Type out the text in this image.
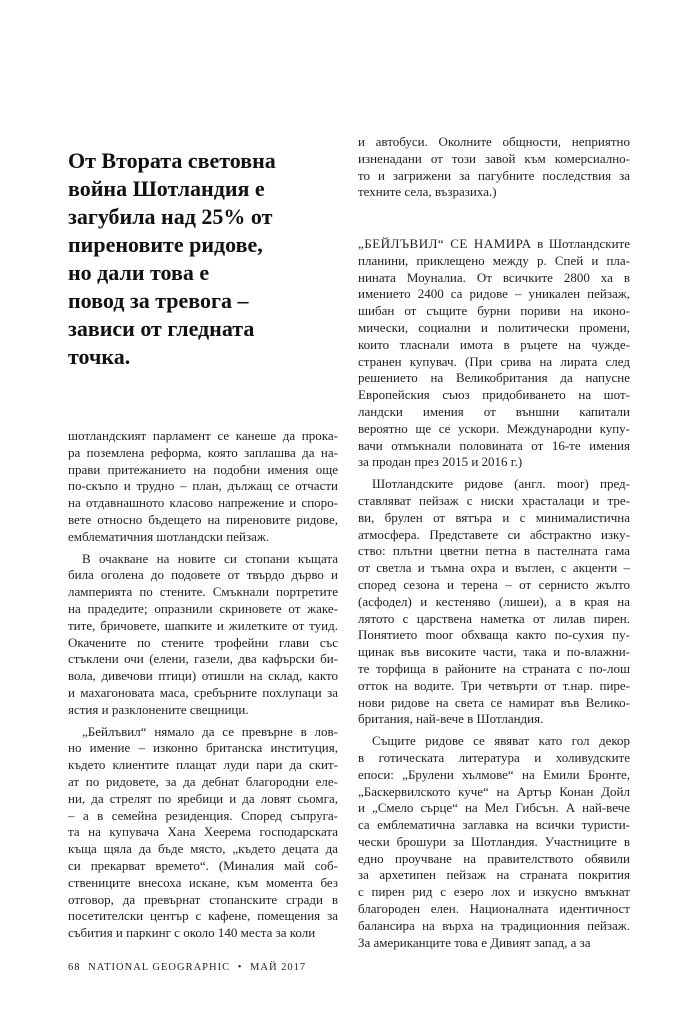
От Втората световна
война Шотландия е
загубила над 25% от
пиреновите ридове,
но дали това е
повод за тревога –
зависи от гледната
точка.
шотландският парламент се канеше да прока-
ра поземлена реформа, която заплашва да на-
прави притежанието на подобни имения още
по-скъпо и трудно – план, дължащ се отчасти
на отдавнашното класово напрежение и споро-
вете относно бъдещето на пиреновите ридове,
емблематичния шотландски пейзаж.
В очакване на новите си стопани къщата
била оголена до подовете от твърдо дърво и
ламперията по стените. Смъкнали портретите
на прадедите; опразнили скриновете от жаке-
тите, бричовете, шапките и жилетките от туид.
Окачените по стените трофейни глави със
стъклени очи (елени, газели, два кафърски би-
вола, дивечови птици) отишли на склад, както
и махагоновата маса, сребърните похлупаци за
ястия и разклонените свещници.
„Бейлъвил“ нямало да се превърне в лов-
но имение – изконно британска институция,
където клиентите плащат луди пари да скит-
ат по ридовете, за да дебнат благородни еле-
ни, да стрелят по яребици и да ловят сьомга,
– а в семейна резиденция. Според съпруга-
та на купувача Хана Хеерема господарската
къща щяла да бъде място, „където децата да
си прекарват времето“. (Миналия май соб-
ствениците внесоха искане, към момента без
отговор, да превърнат стопанските сгради в
посетителски център с кафене, помещения за
събития и паркинг с около 140 места за коли
и автобуси. Околните общности, неприятно
изненадани от този завой към комерсиално-
то и загрижени за пагубните последствия за
техните села, възразиха.)
„БЕЙЛЪВИЛ“ СЕ НАМИРА в Шотландските
планини, приклещено между р. Спей и пла-
нината Моуналиа. От всичките 2800 ха в
имението 2400 са ридове – уникален пейзаж,
шибан от същите бурни пориви на иконо-
мически, социални и политически промени,
които тласнали имота в ръцете на чужде-
странен купувач. (При срива на лирата след
решението на Великобритания да напусне
Европейския съюз придобиването на шот-
ландски имения от външни капитали
вероятно ще се ускори. Международни купу-
вачи отмъкнали половината от 16-те имения
за продан през 2015 и 2016 г.)
Шотландските ридове (англ. moor) пред-
ставляват пейзаж с ниски храсталаци и тре-
ви, брулен от вятъра и с минималистична
атмосфера. Представете си абстрактно изку-
ство: плътни цветни петна в пастелната гама
от светла и тъмна охра и въглен, с акценти –
според сезона и терена – от сернисто жълто
(асфодел) и кестеняво (лишеи), а в края на
лятото с царствена наметка от лилав пирен.
Понятието moor обхваща както по-сухия пу-
щинак във високите части, така и по-влажни-
те торфища в районите на страната с по-лош
отток на водите. Три четвърти от т.нар. пире-
нови ридове на света се намират във Велико-
британия, най-вече в Шотландия.
Същите ридове се явяват като гол декор
в готическата литература и холивудските
епоси: „Брулени хълмове“ на Емили Бронте,
„Баскервилското куче“ на Артър Конан Дойл
и „Смело сърце“ на Мел Гибсън. А най-вече
са емблематична заглавка на всички туристи-
чески брошури за Шотландия. Участниците в
едно проучване на правителството обявили
за архетипен пейзаж на страната покрития
с пирен рид с езеро лох и изкусно вмъкнат
благороден елен. Националната идентичност
балансира на върха на традиционния пейзаж.
За американците това е Дивият запад, а за
68 NATIONAL GEOGRAPHIC • МАЙ 2017
